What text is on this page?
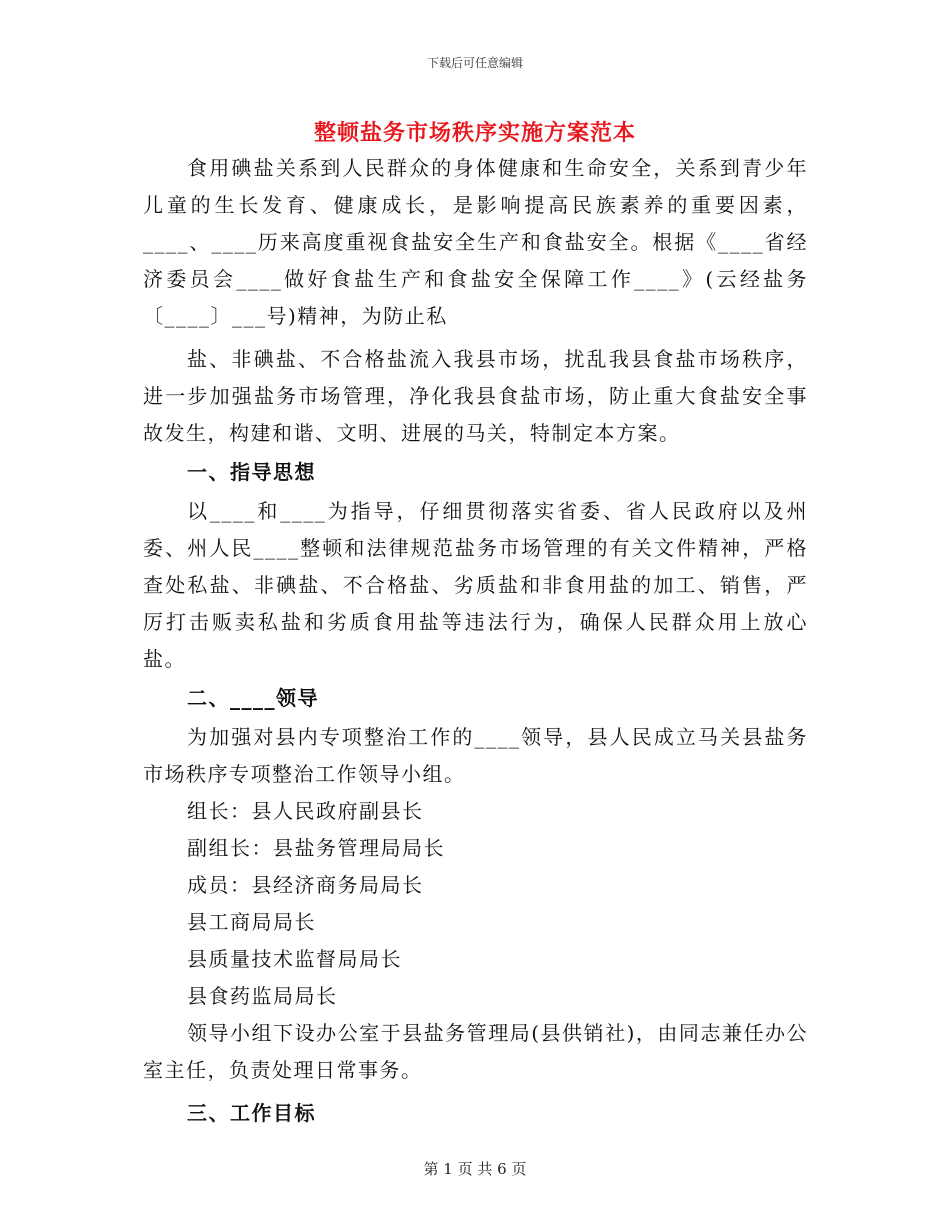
下载后可任意编辑
整顿盐务市场秩序实施方案范本

食用碘盐关系到人民群众的身体健康和生命安全，关系到青少年儿童的生长发育、健康成长，是影响提高民族素养的重要因素，____、____历来高度重视食盐安全生产和食盐安全。根据《____省经济委员会____做好食盐生产和食盐安全保障工作____》(云经盐务〔____〕___号)精神，为防止私

盐、非碘盐、不合格盐流入我县市场，扰乱我县食盐市场秩序，进一步加强盐务市场管理，净化我县食盐市场，防止重大食盐安全事故发生，构建和谐、文明、进展的马关，特制定本方案。

一、指导思想

以____和____为指导，仔细贯彻落实省委、省人民政府以及州委、州人民____整顿和法律规范盐务市场管理的有关文件精神，严格查处私盐、非碘盐、不合格盐、劣质盐和非食用盐的加工、销售，严厉打击贩卖私盐和劣质食用盐等违法行为，确保人民群众用上放心盐。

二、____领导

为加强对县内专项整治工作的____领导，县人民成立马关县盐务市场秩序专项整治工作领导小组。

组长：县人民政府副县长

副组长：县盐务管理局局长

成员：县经济商务局局长

县工商局局长

县质量技术监督局局长

县食药监局局长

领导小组下设办公室于县盐务管理局(县供销社)，由同志兼任办公室主任，负责处理日常事务。

三、工作目标

第 1 页 共 6 页
